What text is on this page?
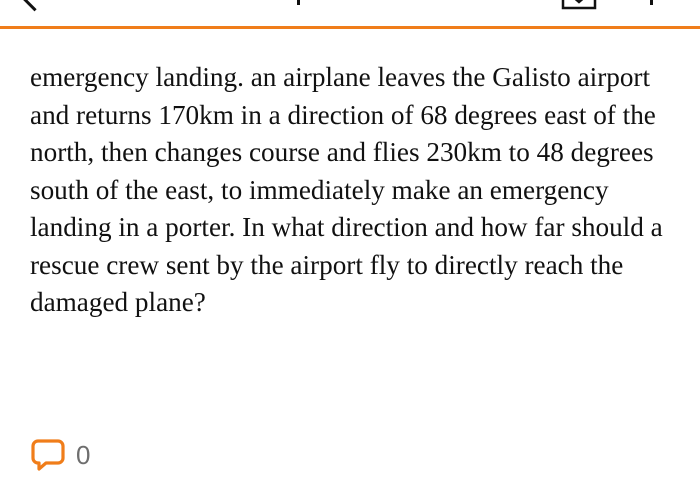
emergency landing. an airplane leaves the Galisto airport and returns 170km in a direction of 68 degrees east of the north, then changes course and flies 230km to 48 degrees south of the east, to immediately make an emergency landing in a porter. In what direction and how far should a rescue crew sent by the airport fly to directly reach the damaged plane?

0
